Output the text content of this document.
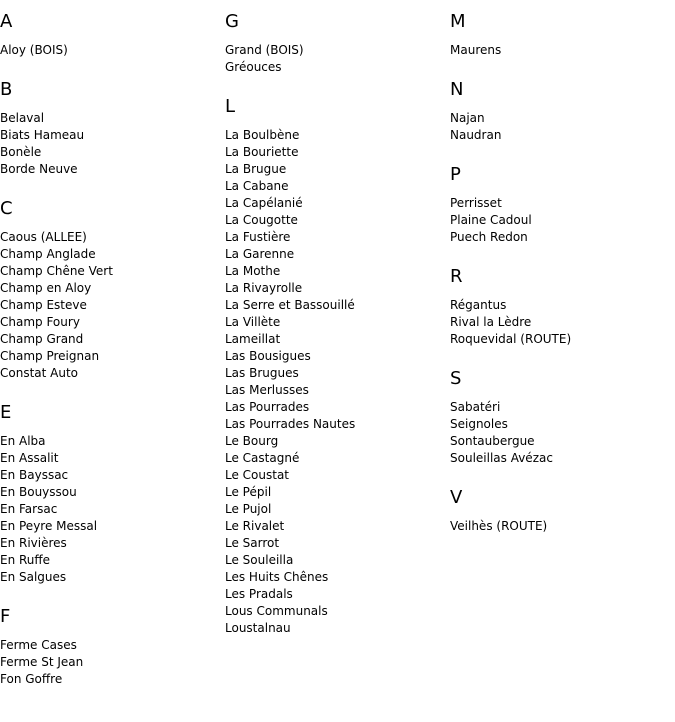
A
Aloy (BOIS)
B
Belaval
Biats Hameau
Bonèle
Borde Neuve
C
Caous (ALLEE)
Champ Anglade
Champ Chêne Vert
Champ en Aloy
Champ Esteve
Champ Foury
Champ Grand
Champ Preignan
Constat Auto
E
En Alba
En Assalit
En Bayssac
En Bouyssou
En Farsac
En Peyre Messal
En Rivières
En Ruffe
En Salgues
F
Ferme Cases
Ferme St Jean
Fon Goffre
G
Grand (BOIS)
Gréouces
L
La Boulbène
La Bouriette
La Brugue
La Cabane
La Capélanié
La Cougotte
La Fustière
La Garenne
La Mothe
La Rivayrolle
La Serre et Bassouillé
La Villète
Lameillat
Las Bousigues
Las Brugues
Las Merlusses
Las Pourrades
Las Pourrades Nautes
Le Bourg
Le Castagné
Le Coustat
Le Pépil
Le Pujol
Le Rivalet
Le Sarrot
Le Souleilla
Les Huits Chênes
Les Pradals
Lous Communals
Loustalnau
M
Maurens
N
Najan
Naudran
P
Perrisset
Plaine Cadoul
Puech Redon
R
Régantus
Rival la Lèdre
Roquevidal (ROUTE)
S
Sabatéri
Seignoles
Sontaubergue
Souleillas Avézac
V
Veilhès (ROUTE)
